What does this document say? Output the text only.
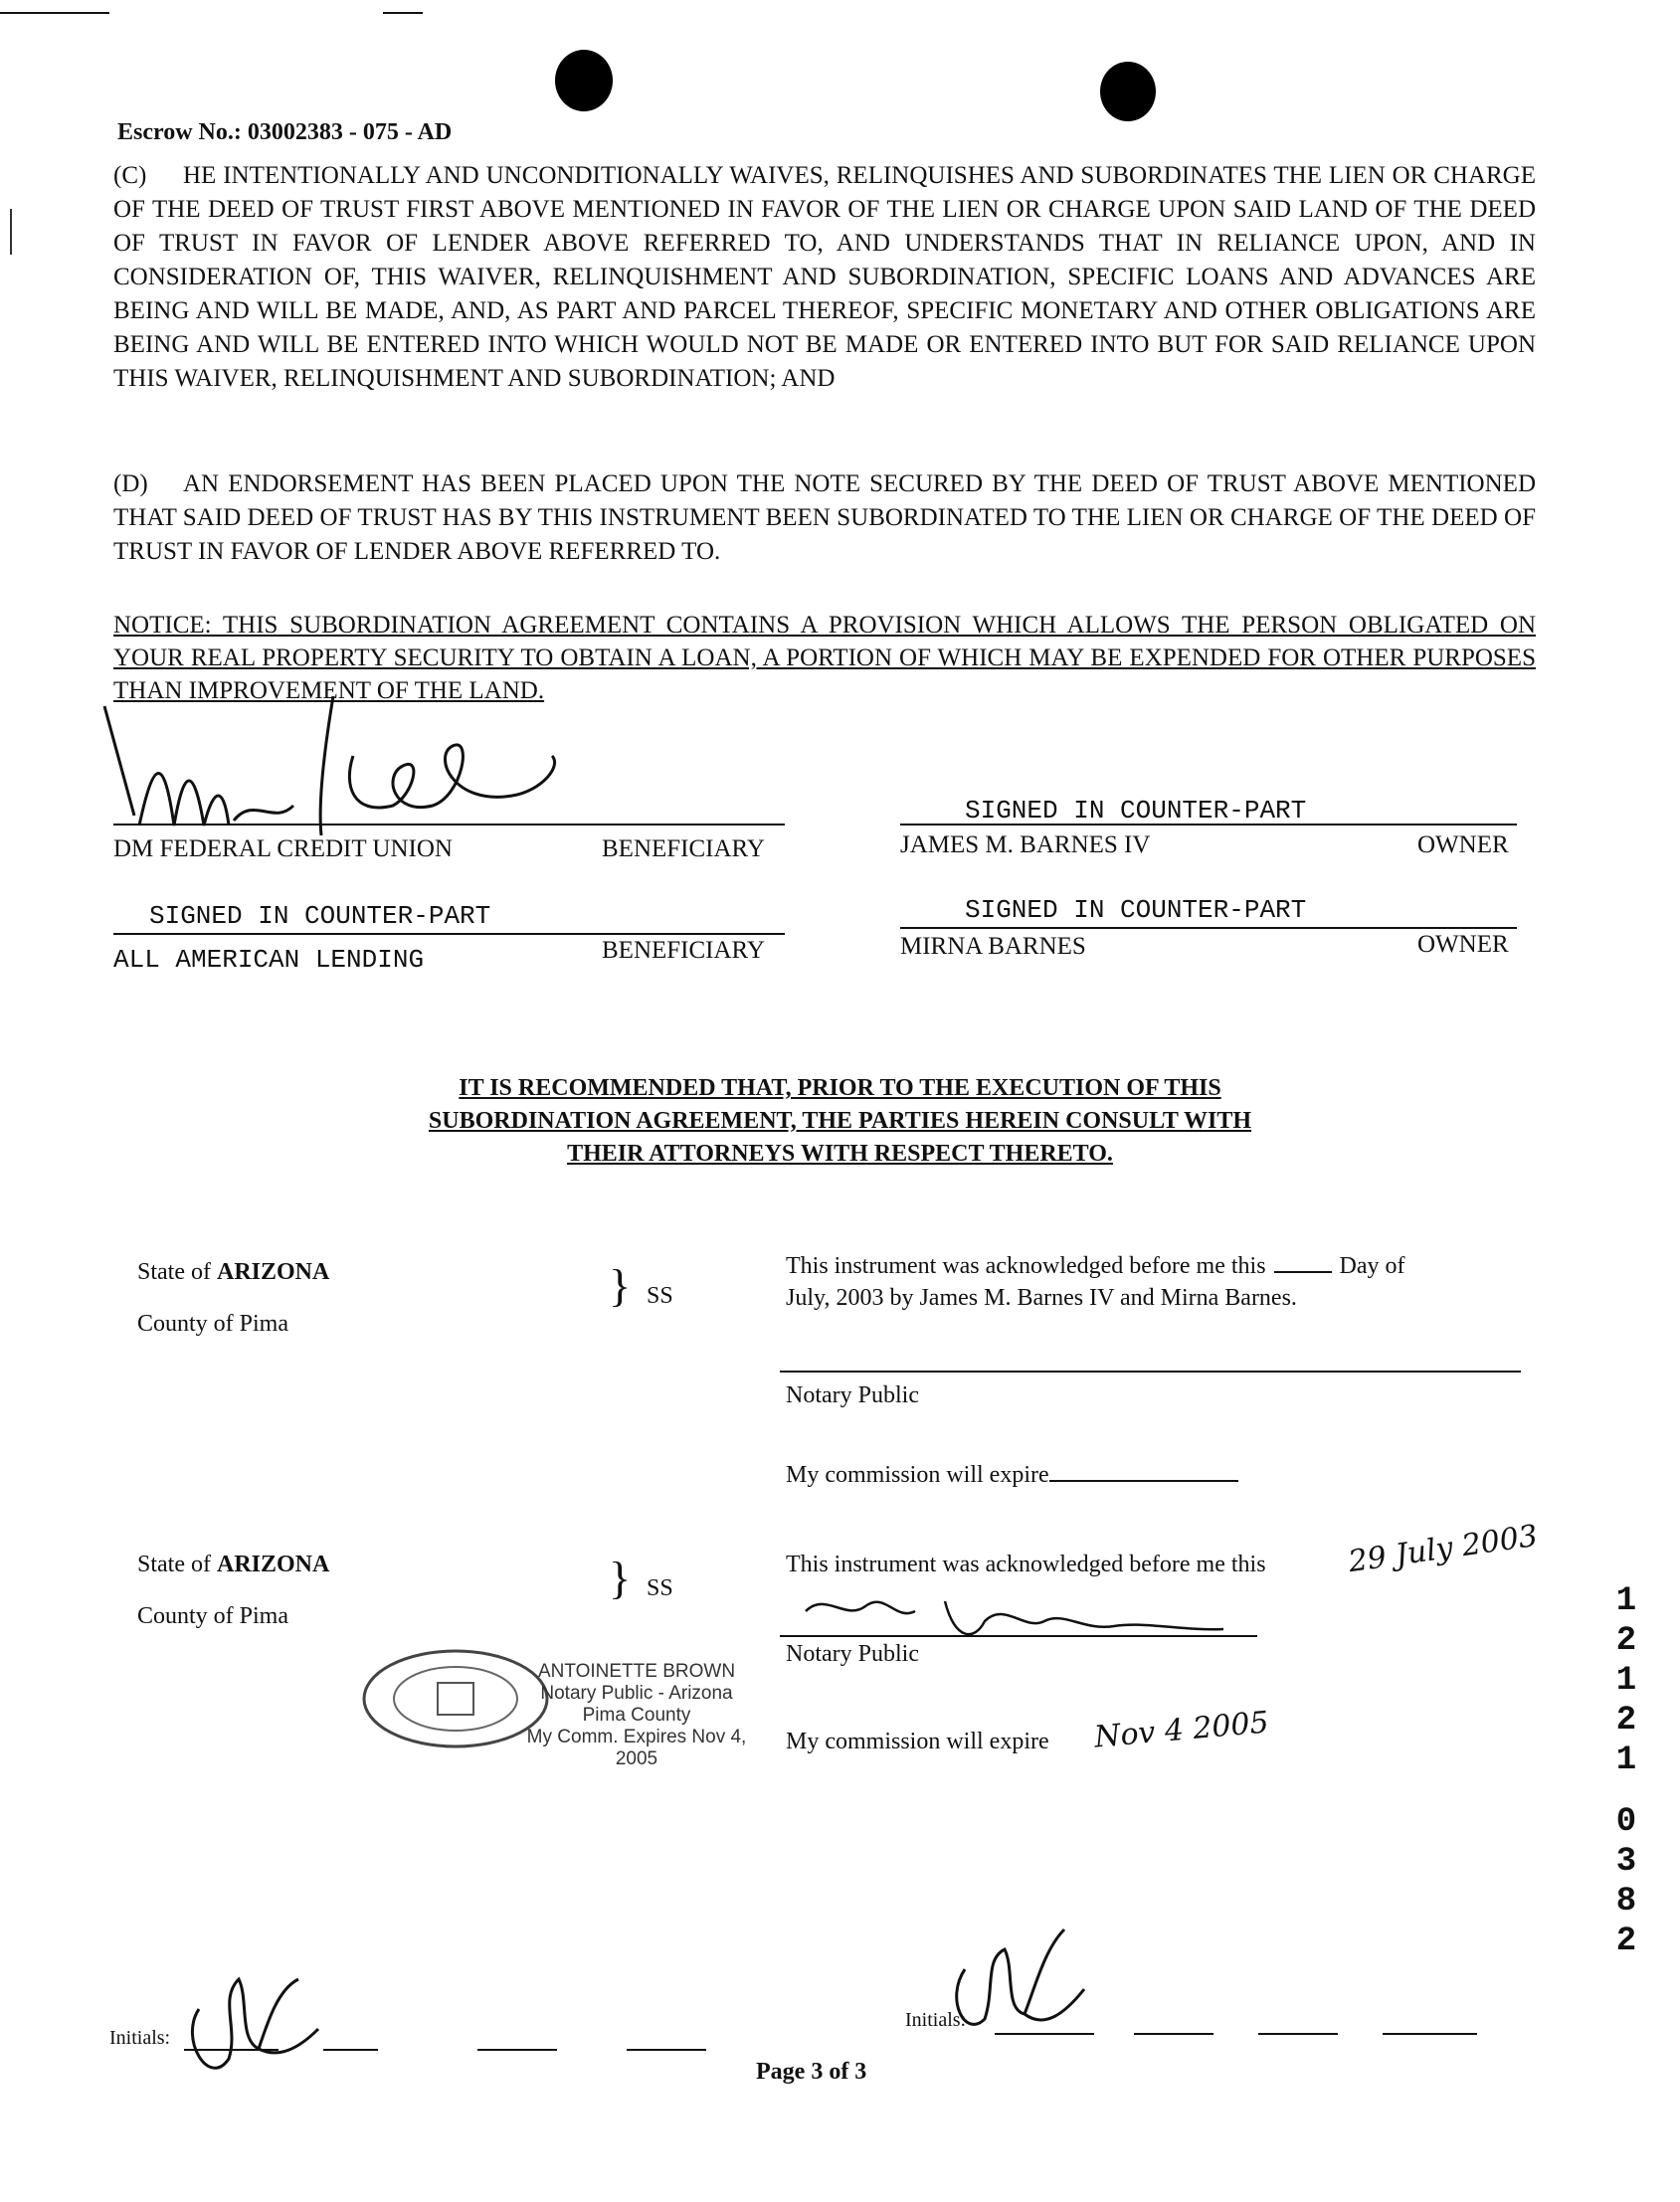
Escrow No.: 03002383 - 075 - AD
(C) HE INTENTIONALLY AND UNCONDITIONALLY WAIVES, RELINQUISHES AND SUBORDINATES THE LIEN OR CHARGE OF THE DEED OF TRUST FIRST ABOVE MENTIONED IN FAVOR OF THE LIEN OR CHARGE UPON SAID LAND OF THE DEED OF TRUST IN FAVOR OF LENDER ABOVE REFERRED TO, AND UNDERSTANDS THAT IN RELIANCE UPON, AND IN CONSIDERATION OF, THIS WAIVER, RELINQUISHMENT AND SUBORDINATION, SPECIFIC LOANS AND ADVANCES ARE BEING AND WILL BE MADE, AND, AS PART AND PARCEL THEREOF, SPECIFIC MONETARY AND OTHER OBLIGATIONS ARE BEING AND WILL BE ENTERED INTO WHICH WOULD NOT BE MADE OR ENTERED INTO BUT FOR SAID RELIANCE UPON THIS WAIVER, RELINQUISHMENT AND SUBORDINATION; AND
(D) AN ENDORSEMENT HAS BEEN PLACED UPON THE NOTE SECURED BY THE DEED OF TRUST ABOVE MENTIONED THAT SAID DEED OF TRUST HAS BY THIS INSTRUMENT BEEN SUBORDINATED TO THE LIEN OR CHARGE OF THE DEED OF TRUST IN FAVOR OF LENDER ABOVE REFERRED TO.
NOTICE: THIS SUBORDINATION AGREEMENT CONTAINS A PROVISION WHICH ALLOWS THE PERSON OBLIGATED ON YOUR REAL PROPERTY SECURITY TO OBTAIN A LOAN, A PORTION OF WHICH MAY BE EXPENDED FOR OTHER PURPOSES THAN IMPROVEMENT OF THE LAND.
DM FEDERAL CREDIT UNION	BENEFICIARY
SIGNED IN COUNTER-PART
JAMES M. BARNES IV	OWNER
SIGNED IN COUNTER-PART
ALL AMERICAN LENDING	BENEFICIARY
SIGNED IN COUNTER-PART
MIRNA BARNES	OWNER
IT IS RECOMMENDED THAT, PRIOR TO THE EXECUTION OF THIS
SUBORDINATION AGREEMENT, THE PARTIES HEREIN CONSULT WITH
THEIR ATTORNEYS WITH RESPECT THERETO.
State of ARIZONA
County of Pima
} SS
This instrument was acknowledged before me this	Day of
July, 2003 by James M. Barnes IV and Mirna Barnes.
Notary Public
My commission will expire
State of ARIZONA
County of Pima
} SS
This instrument was acknowledged before me this	29 July 2003
Notary Public
My commission will expire Nov 4 2005
ANTOINETTE BROWN
Notary Public - Arizona
Pima County
My Comm. Expires Nov 4, 2005
1
2
1
2
1
0
3
8
2
Initials:
Initials:
Page 3 of 3
